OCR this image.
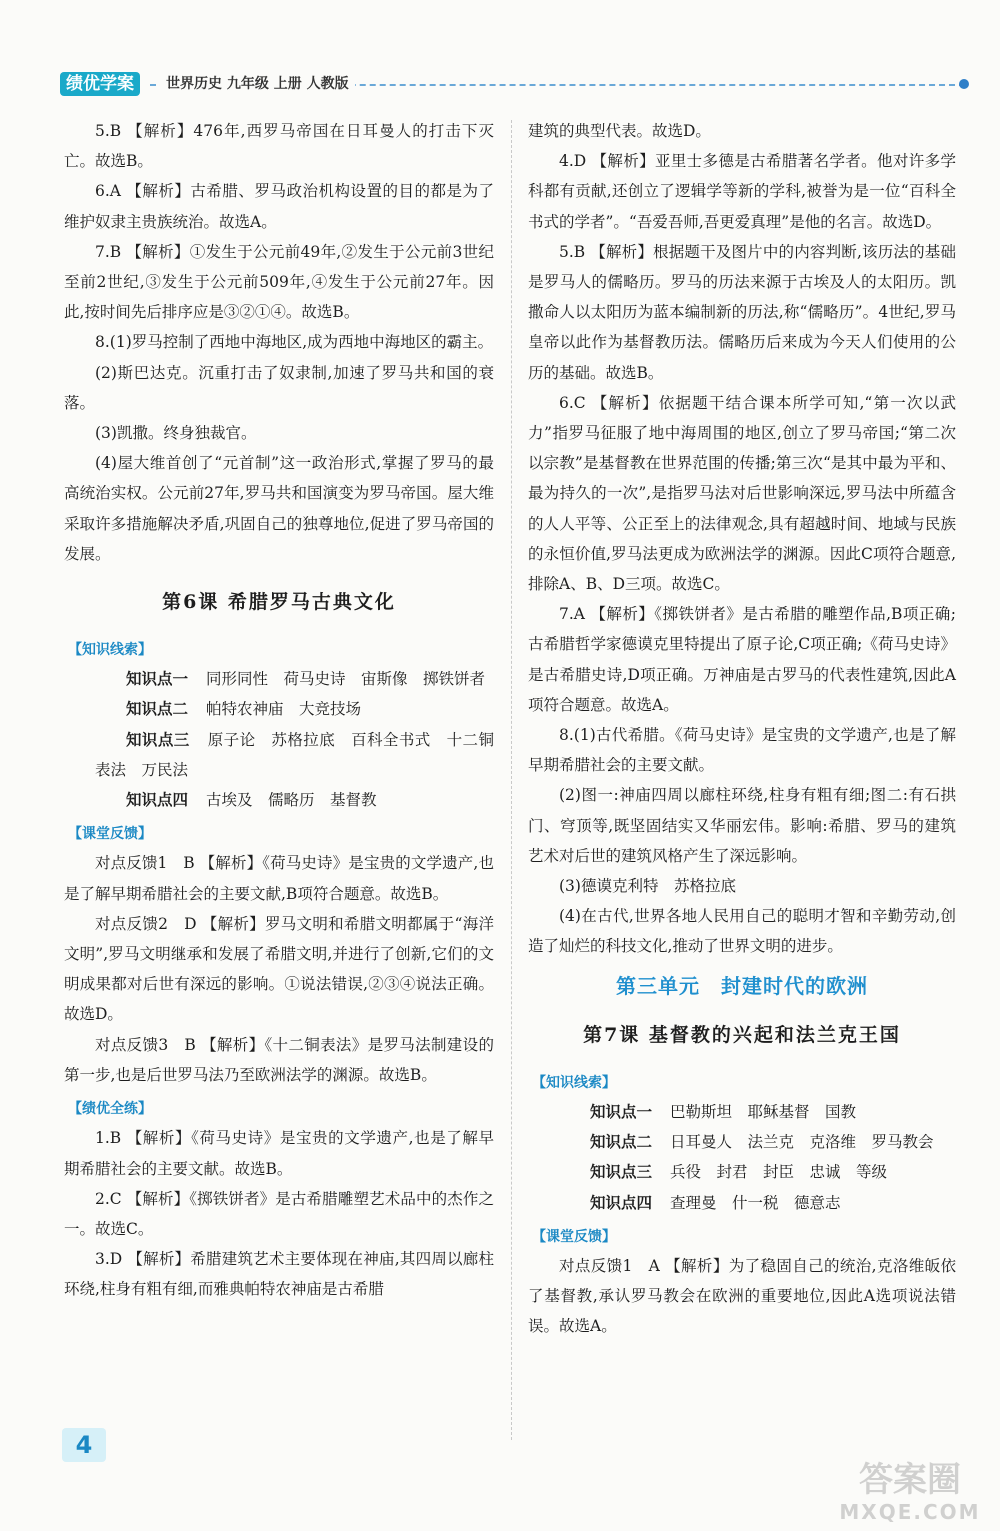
绩优学案	世界历史 九年级 上册 人教版

5.B 【解析】476年,西罗马帝国在日耳曼人的打击下灭亡。故选B。

6.A 【解析】古希腊、罗马政治机构设置的目的都是为了维护奴隶主贵族统治。故选A。

7.B 【解析】①发生于公元前49年,②发生于公元前3世纪至前2世纪,③发生于公元前509年,④发生于公元前27年。因此,按时间先后排序应是③②①④。故选B。

8.(1)罗马控制了西地中海地区,成为西地中海地区的霸主。

(2)斯巴达克。沉重打击了奴隶制,加速了罗马共和国的衰落。

(3)凯撒。终身独裁官。

(4)屋大维首创了“元首制”这一政治形式,掌握了罗马的最高统治实权。公元前27年,罗马共和国演变为罗马帝国。屋大维采取许多措施解决矛盾,巩固自己的独尊地位,促进了罗马帝国的发展。

第6课 希腊罗马古典文化
【知识线索】

知识点一 同形同性　荷马史诗　宙斯像　掷铁饼者

知识点二 帕特农神庙　大竞技场

知识点三 原子论　苏格拉底　百科全书式　十二铜表法　万民法

知识点四 古埃及　儒略历　基督教

【课堂反馈】

对点反馈1　B 【解析】《荷马史诗》是宝贵的文学遗产,也是了解早期希腊社会的主要文献,B项符合题意。故选B。

对点反馈2　D 【解析】罗马文明和希腊文明都属于“海洋文明”,罗马文明继承和发展了希腊文明,并进行了创新,它们的文明成果都对后世有深远的影响。①说法错误,②③④说法正确。故选D。

对点反馈3　B 【解析】《十二铜表法》是罗马法制建设的第一步,也是后世罗马法乃至欧洲法学的渊源。故选B。

【绩优全练】

1.B 【解析】《荷马史诗》是宝贵的文学遗产,也是了解早期希腊社会的主要文献。故选B。

2.C 【解析】《掷铁饼者》是古希腊雕塑艺术品中的杰作之一。故选C。

3.D 【解析】希腊建筑艺术主要体现在神庙,其四周以廊柱环绕,柱身有粗有细,而雅典帕特农神庙是古希腊

建筑的典型代表。故选D。

4.D 【解析】亚里士多德是古希腊著名学者。他对许多学科都有贡献,还创立了逻辑学等新的学科,被誉为是一位“百科全书式的学者”。“吾爱吾师,吾更爱真理”是他的名言。故选D。

5.B 【解析】根据题干及图片中的内容判断,该历法的基础是罗马人的儒略历。罗马的历法来源于古埃及人的太阳历。凯撒命人以太阳历为蓝本编制新的历法,称“儒略历”。4世纪,罗马皇帝以此作为基督教历法。儒略历后来成为今天人们使用的公历的基础。故选B。

6.C 【解析】依据题干结合课本所学可知,“第一次以武力”指罗马征服了地中海周围的地区,创立了罗马帝国;“第二次以宗教”是基督教在世界范围的传播;第三次“是其中最为平和、最为持久的一次”,是指罗马法对后世影响深远,罗马法中所蕴含的人人平等、公正至上的法律观念,具有超越时间、地域与民族的永恒价值,罗马法更成为欧洲法学的渊源。因此C项符合题意,排除A、B、D三项。故选C。

7.A 【解析】《掷铁饼者》是古希腊的雕塑作品,B项正确;古希腊哲学家德谟克里特提出了原子论,C项正确;《荷马史诗》是古希腊史诗,D项正确。万神庙是古罗马的代表性建筑,因此A项符合题意。故选A。

8.(1)古代希腊。《荷马史诗》是宝贵的文学遗产,也是了解早期希腊社会的主要文献。

(2)图一:神庙四周以廊柱环绕,柱身有粗有细;图二:有石拱门、穹顶等,既坚固结实又华丽宏伟。影响:希腊、罗马的建筑艺术对后世的建筑风格产生了深远影响。

(3)德谟克利特　苏格拉底

(4)在古代,世界各地人民用自己的聪明才智和辛勤劳动,创造了灿烂的科技文化,推动了世界文明的进步。

第三单元　封建时代的欧洲
第7课 基督教的兴起和法兰克王国
【知识线索】

知识点一 巴勒斯坦　耶稣基督　国教

知识点二 日耳曼人　法兰克　克洛维　罗马教会

知识点三 兵役　封君　封臣　忠诚　等级

知识点四 查理曼　什一税　德意志

【课堂反馈】

对点反馈1　A 【解析】为了稳固自己的统治,克洛维皈依了基督教,承认罗马教会在欧洲的重要地位,因此A选项说法错误。故选A。

4
答案圈
MXQE.COM
